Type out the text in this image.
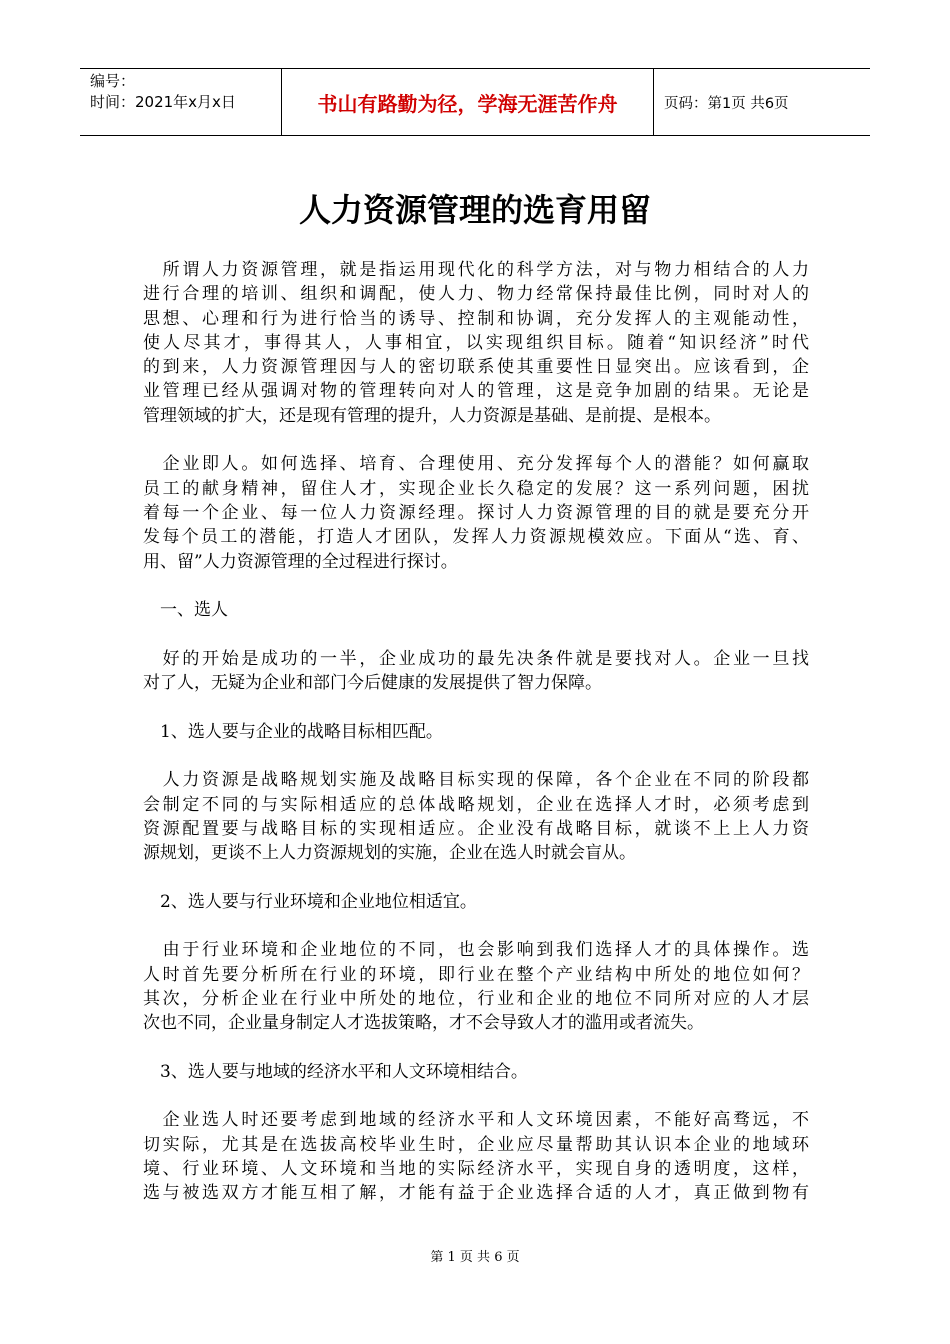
编号：
时间：2021年x月x日	书山有路勤为径，学海无涯苦作舟	页码：第1页 共6页
人力资源管理的选育用留
　所谓人力资源管理，就是指运用现代化的科学方法，对与物力相结合的人力
进行合理的培训、组织和调配，使人力、物力经常保持最佳比例，同时对人的
思想、心理和行为进行恰当的诱导、控制和协调，充分发挥人的主观能动性，
使人尽其才，事得其人，人事相宜，以实现组织目标。随着“知识经济”时代
的到来，人力资源管理因与人的密切联系使其重要性日显突出。应该看到，企
业管理已经从强调对物的管理转向对人的管理，这是竞争加剧的结果。无论是
管理领域的扩大，还是现有管理的提升，人力资源是基础、是前提、是根本。
　企业即人。如何选择、培育、合理使用、充分发挥每个人的潜能？如何赢取
员工的献身精神，留住人才，实现企业长久稳定的发展？这一系列问题，困扰
着每一个企业、每一位人力资源经理。探讨人力资源管理的目的就是要充分开
发每个员工的潜能，打造人才团队，发挥人力资源规模效应。下面从“选、育、
用、留”人力资源管理的全过程进行探讨。
　一、选人
　好的开始是成功的一半，企业成功的最先决条件就是要找对人。企业一旦找
对了人，无疑为企业和部门今后健康的发展提供了智力保障。
　1、选人要与企业的战略目标相匹配。
　人力资源是战略规划实施及战略目标实现的保障，各个企业在不同的阶段都
会制定不同的与实际相适应的总体战略规划，企业在选择人才时，必须考虑到
资源配置要与战略目标的实现相适应。企业没有战略目标，就谈不上上人力资
源规划，更谈不上人力资源规划的实施，企业在选人时就会盲从。
　2、选人要与行业环境和企业地位相适宜。
　由于行业环境和企业地位的不同，也会影响到我们选择人才的具体操作。选
人时首先要分析所在行业的环境，即行业在整个产业结构中所处的地位如何？
其次，分析企业在行业中所处的地位，行业和企业的地位不同所对应的人才层
次也不同，企业量身制定人才选拔策略，才不会导致人才的滥用或者流失。
　3、选人要与地域的经济水平和人文环境相结合。
　企业选人时还要考虑到地域的经济水平和人文环境因素，不能好高骛远，不
切实际，尤其是在选拔高校毕业生时，企业应尽量帮助其认识本企业的地域环
境、行业环境、人文环境和当地的实际经济水平，实现自身的透明度，这样，
选与被选双方才能互相了解，才能有益于企业选择合适的人才，真正做到物有
第 1 页 共 6 页
